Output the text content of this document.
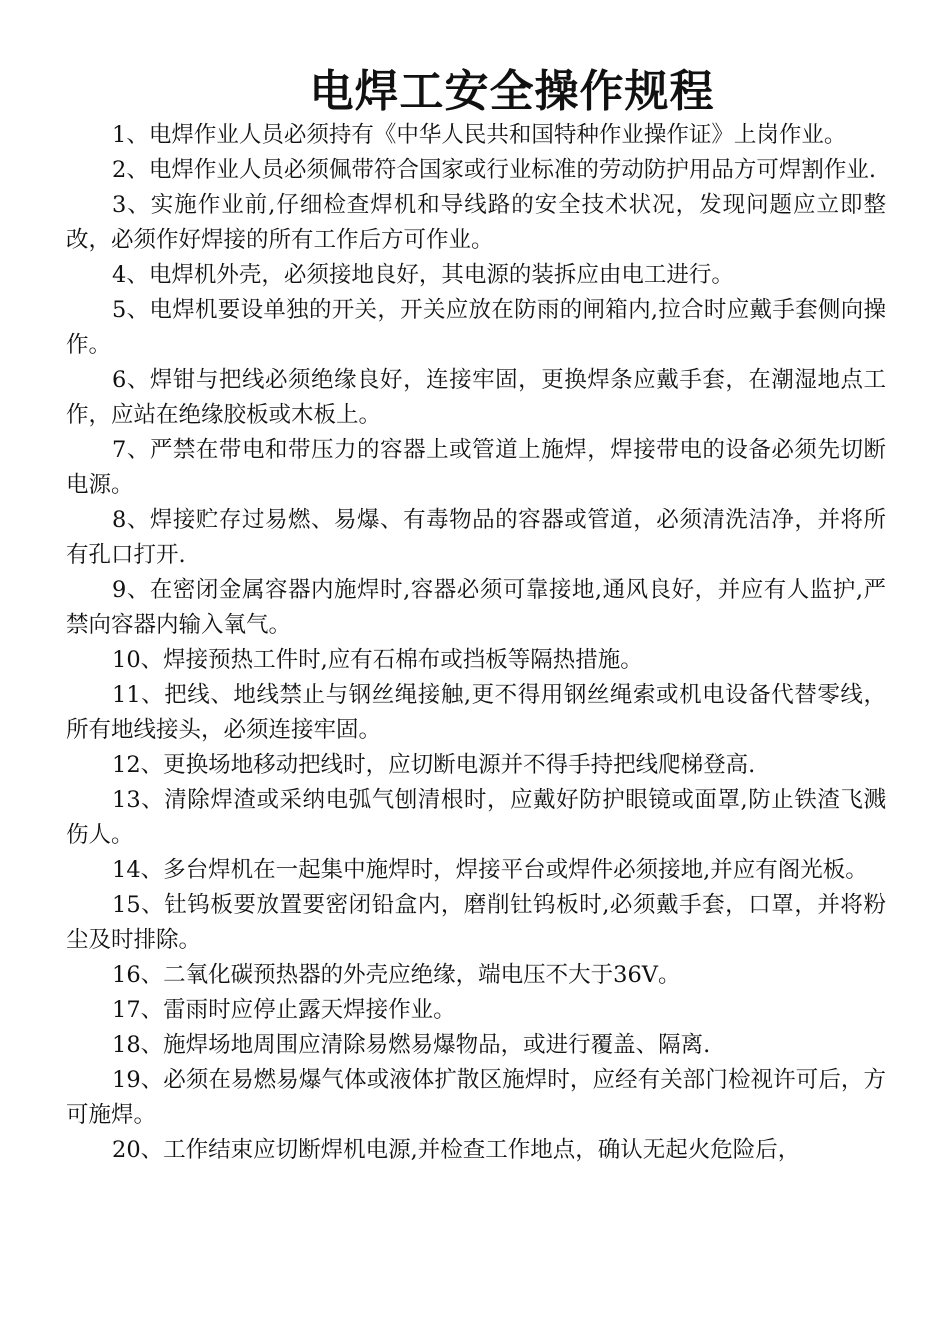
电焊工安全操作规程

1、电焊作业人员必须持有《中华人民共和国特种作业操作证》上岗作业。

2、电焊作业人员必须佩带符合国家或行业标准的劳动防护用品方可焊割作业.

3、实施作业前,仔细检查焊机和导线路的安全技术状况，发现问题应立即整改，必须作好焊接的所有工作后方可作业。

4、电焊机外壳，必须接地良好，其电源的装拆应由电工进行。

5、电焊机要设单独的开关，开关应放在防雨的闸箱内,拉合时应戴手套侧向操作。

6、焊钳与把线必须绝缘良好，连接牢固，更换焊条应戴手套，在潮湿地点工作，应站在绝缘胶板或木板上。

7、严禁在带电和带压力的容器上或管道上施焊，焊接带电的设备必须先切断电源。

8、焊接贮存过易燃、易爆、有毒物品的容器或管道，必须清洗洁净，并将所有孔口打开.

9、在密闭金属容器内施焊时,容器必须可靠接地,通风良好，并应有人监护,严禁向容器内输入氧气。

10、焊接预热工件时,应有石棉布或挡板等隔热措施。

11、把线、地线禁止与钢丝绳接触,更不得用钢丝绳索或机电设备代替零线，所有地线接头，必须连接牢固。

12、更换场地移动把线时，应切断电源并不得手持把线爬梯登高.

13、清除焊渣或采纳电弧气刨清根时，应戴好防护眼镜或面罩,防止铁渣飞溅伤人。

14、多台焊机在一起集中施焊时，焊接平台或焊件必须接地,并应有阁光板。

15、钍钨板要放置要密闭铅盒内，磨削钍钨板时,必须戴手套，口罩，并将粉尘及时排除。

16、二氧化碳预热器的外壳应绝缘，端电压不大于36V。

17、雷雨时应停止露天焊接作业。

18、施焊场地周围应清除易燃易爆物品，或进行覆盖、隔离.

19、必须在易燃易爆气体或液体扩散区施焊时，应经有关部门检视许可后，方可施焊。

20、工作结束应切断焊机电源,并检查工作地点，确认无起火危险后，
